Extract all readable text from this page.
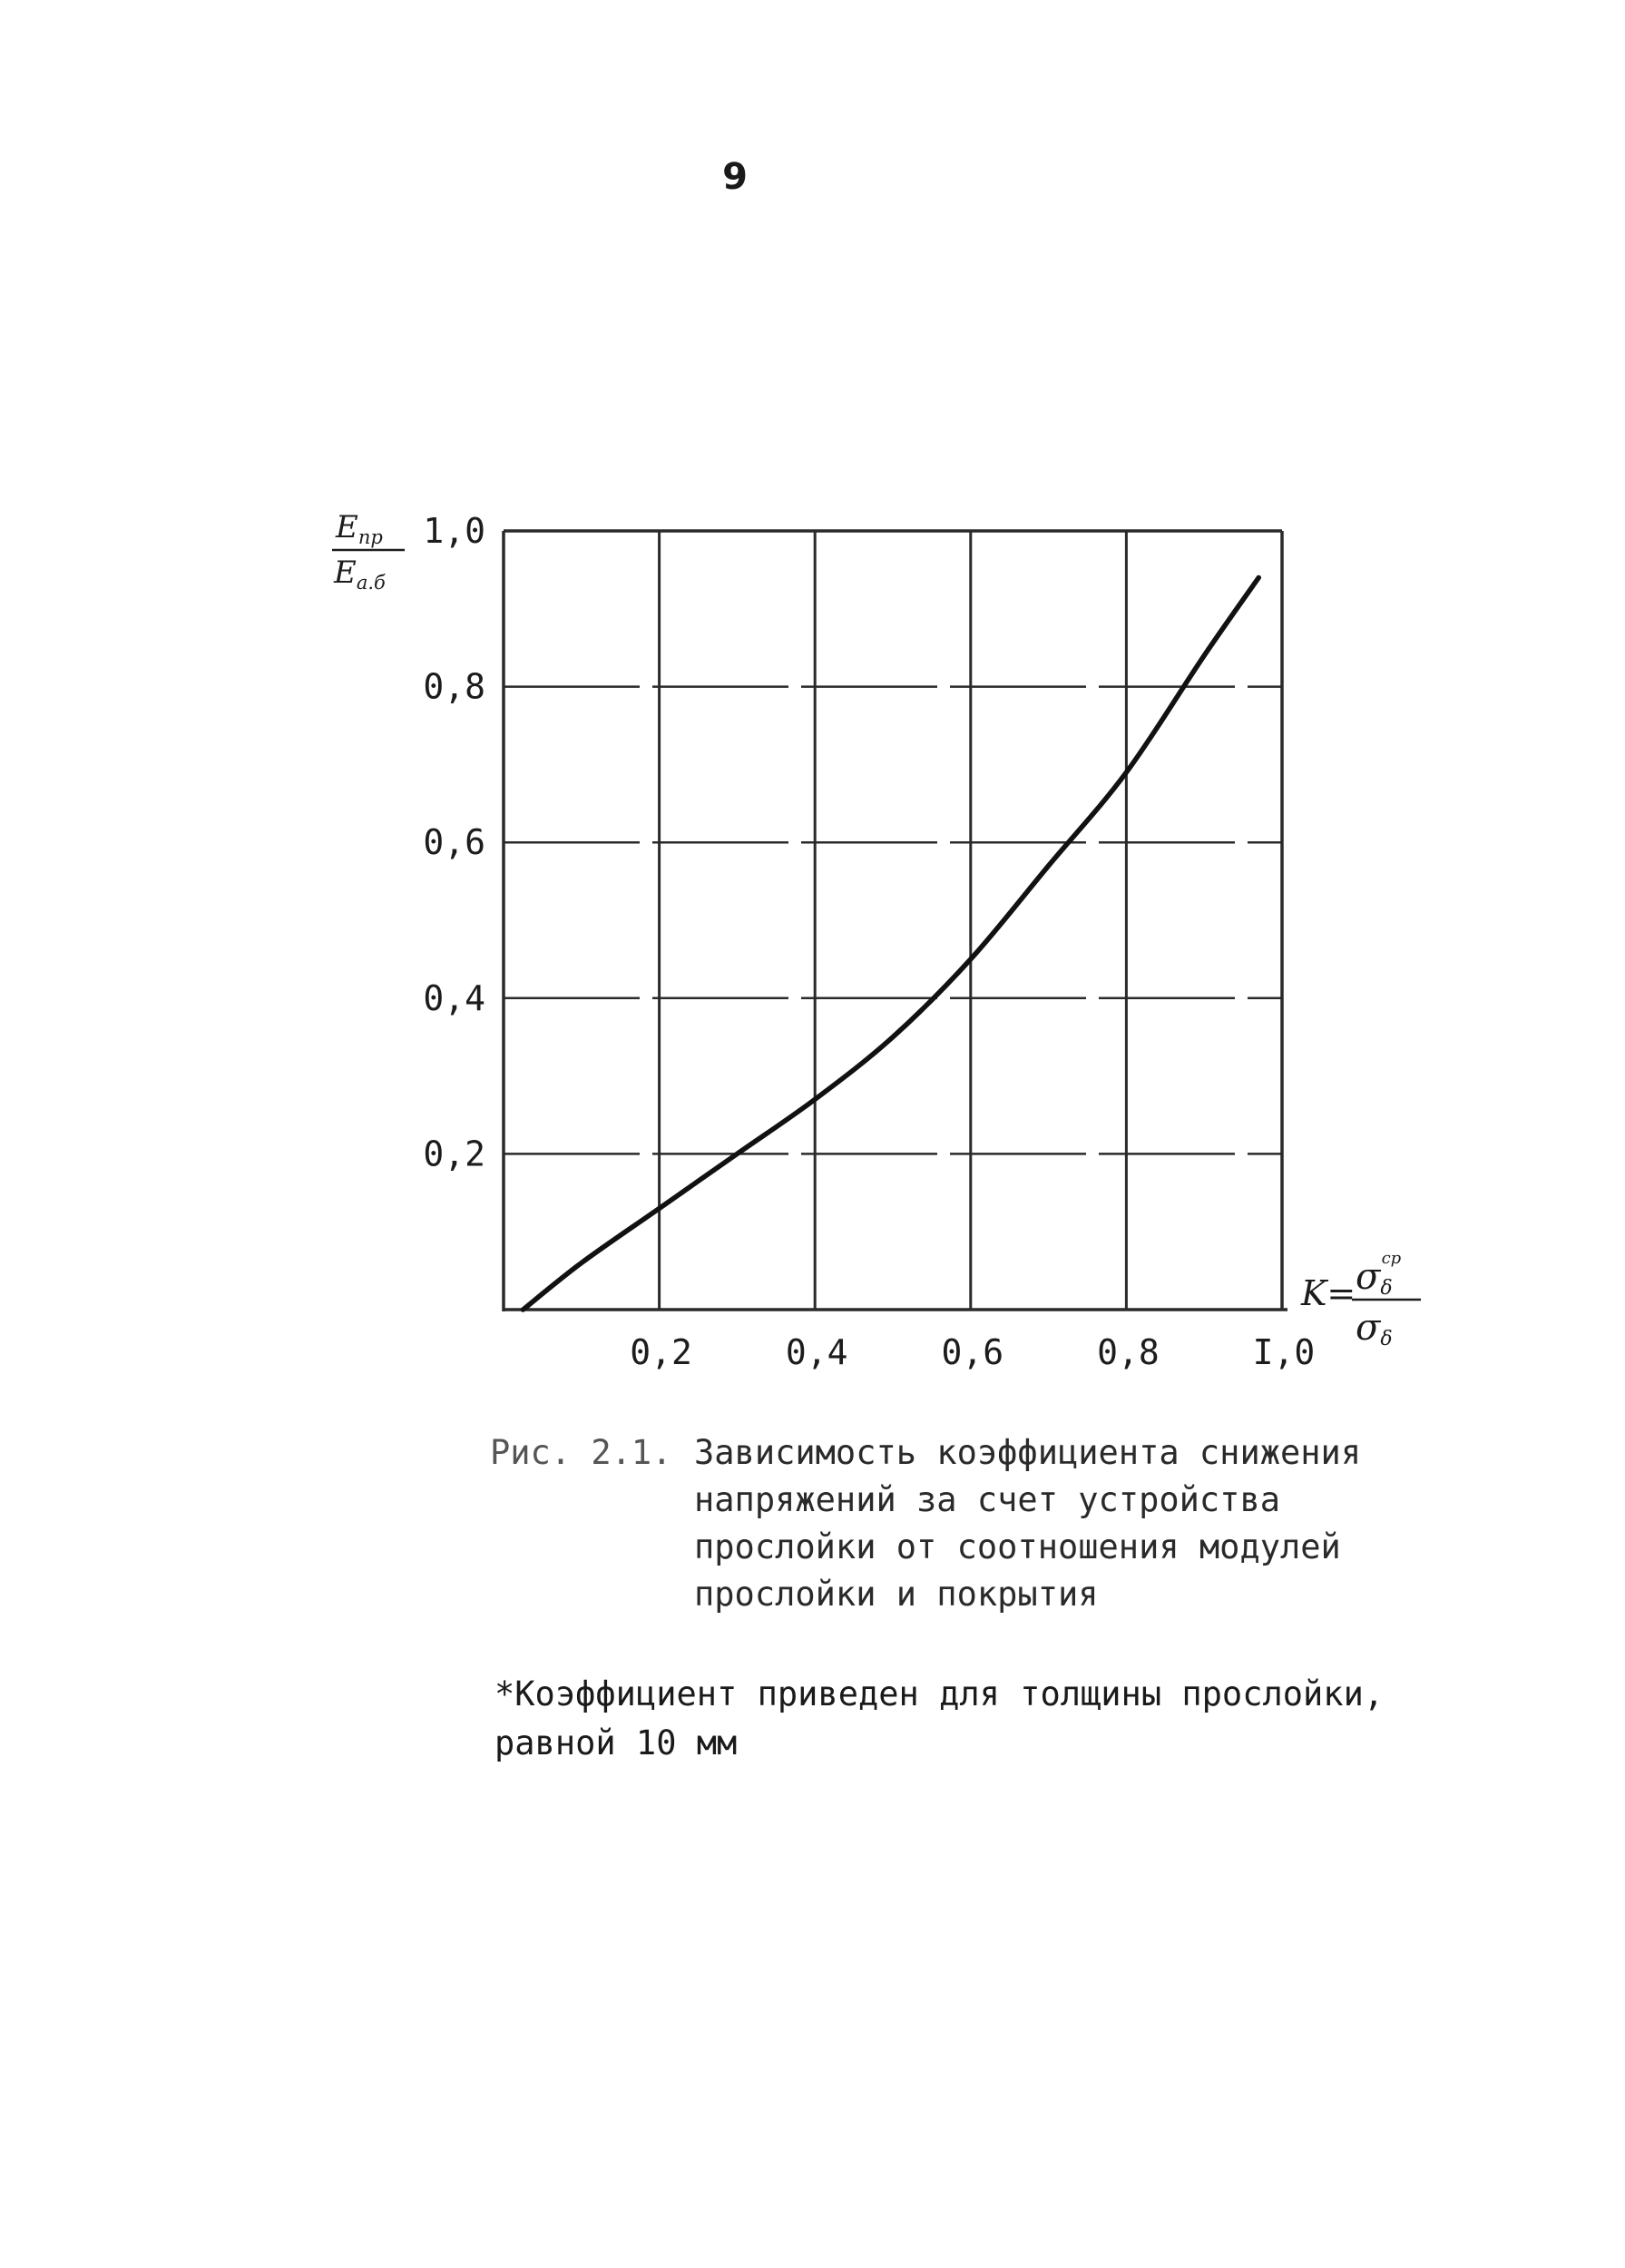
9
0,2
0,4
0,6
0,8
1,0
0,2	0,4	0,6	0,8	I,0
$E_{пр}$
$E_{а.б}$
K= σδср
σδ
Рис. 2.1. Зависимость коэффициента снижения
напряжений за счет устройства
прослойки от соотношения модулей
прослойки и покрытия
*Коэффициент приведен для толщины прослойки,
равной 10 мм
